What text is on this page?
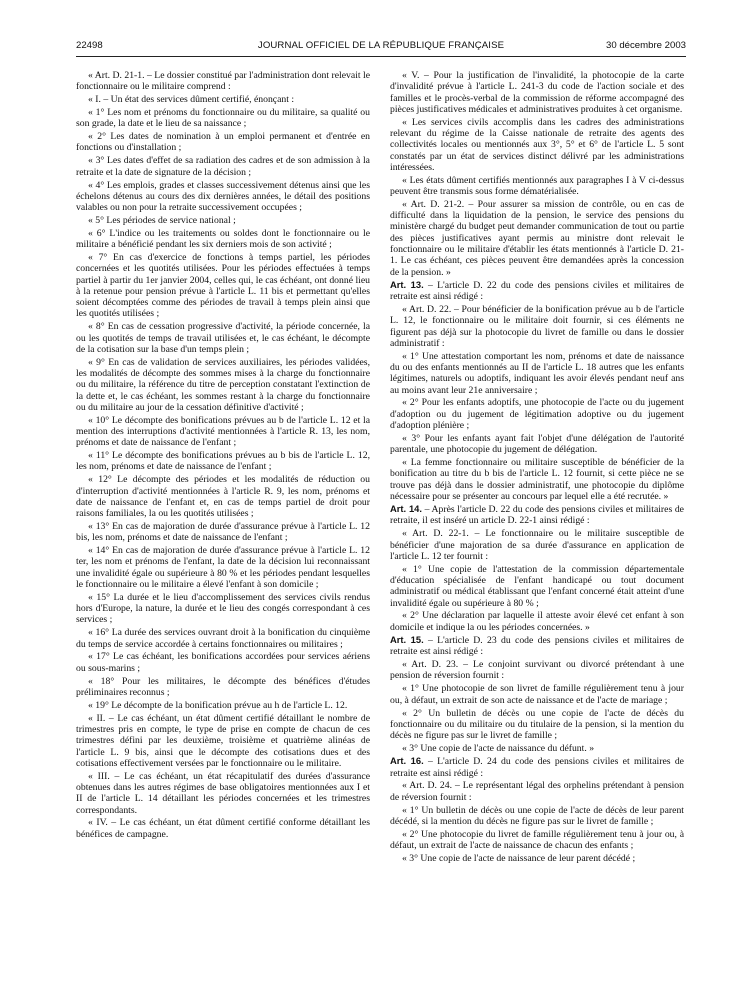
22498	JOURNAL OFFICIEL DE LA RÉPUBLIQUE FRANÇAISE	30 décembre 2003

« Art. D. 21-1. – Le dossier constitué par l'administration dont relevait le fonctionnaire ou le militaire comprend :

« I. – Un état des services dûment certifié, énonçant :

« 1° Les nom et prénoms du fonctionnaire ou du militaire, sa qualité ou son grade, la date et le lieu de sa naissance ;

« 2° Les dates de nomination à un emploi permanent et d'entrée en fonctions ou d'installation ;

« 3° Les dates d'effet de sa radiation des cadres et de son admission à la retraite et la date de signature de la décision ;

« 4° Les emplois, grades et classes successivement détenus ainsi que les échelons détenus au cours des dix dernières années, le détail des positions valables ou non pour la retraite successivement occupées ;

« 5° Les périodes de service national ;

« 6° L'indice ou les traitements ou soldes dont le fonctionnaire ou le militaire a bénéficié pendant les six derniers mois de son activité ;

« 7° En cas d'exercice de fonctions à temps partiel, les périodes concernées et les quotités utilisées. Pour les périodes effectuées à temps partiel à partir du 1er janvier 2004, celles qui, le cas échéant, ont donné lieu à la retenue pour pension prévue à l'article L. 11 bis et permettant qu'elles soient décomptées comme des périodes de travail à temps plein ainsi que les quotités utilisées ;

« 8° En cas de cessation progressive d'activité, la période concernée, la ou les quotités de temps de travail utilisées et, le cas échéant, le décompte de la cotisation sur la base d'un temps plein ;

« 9° En cas de validation de services auxiliaires, les périodes validées, les modalités de décompte des sommes mises à la charge du fonctionnaire ou du militaire, la référence du titre de perception constatant l'extinction de la dette et, le cas échéant, les sommes restant à la charge du fonctionnaire ou du militaire au jour de la cessation définitive d'activité ;

« 10° Le décompte des bonifications prévues au b de l'article L. 12 et la mention des interruptions d'activité mentionnées à l'article R. 13, les nom, prénoms et date de naissance de l'enfant ;

« 11° Le décompte des bonifications prévues au b bis de l'article L. 12, les nom, prénoms et date de naissance de l'enfant ;

« 12° Le décompte des périodes et les modalités de réduction ou d'interruption d'activité mentionnées à l'article R. 9, les nom, prénoms et date de naissance de l'enfant et, en cas de temps partiel de droit pour raisons familiales, la ou les quotités utilisées ;

« 13° En cas de majoration de durée d'assurance prévue à l'article L. 12 bis, les nom, prénoms et date de naissance de l'enfant ;

« 14° En cas de majoration de durée d'assurance prévue à l'article L. 12 ter, les nom et prénoms de l'enfant, la date de la décision lui reconnaissant une invalidité égale ou supérieure à 80 % et les périodes pendant lesquelles le fonctionnaire ou le militaire a élevé l'enfant à son domicile ;

« 15° La durée et le lieu d'accomplissement des services civils rendus hors d'Europe, la nature, la durée et le lieu des congés correspondant à ces services ;

« 16° La durée des services ouvrant droit à la bonification du cinquième du temps de service accordée à certains fonctionnaires ou militaires ;

« 17° Le cas échéant, les bonifications accordées pour services aériens ou sous-marins ;

« 18° Pour les militaires, le décompte des bénéfices d'études préliminaires reconnus ;

« 19° Le décompte de la bonification prévue au h de l'article L. 12.

« II. – Le cas échéant, un état dûment certifié détaillant le nombre de trimestres pris en compte, le type de prise en compte de chacun de ces trimestres défini par les deuxième, troisième et quatrième alinéas de l'article L. 9 bis, ainsi que le décompte des cotisations dues et des cotisations effectivement versées par le fonctionnaire ou le militaire.

« III. – Le cas échéant, un état récapitulatif des durées d'assurance obtenues dans les autres régimes de base obligatoires mentionnées aux I et II de l'article L. 14 détaillant les périodes concernées et les trimestres correspondants.

« IV. – Le cas échéant, un état dûment certifié conforme détaillant les bénéfices de campagne.

« V. – Pour la justification de l'invalidité, la photocopie de la carte d'invalidité prévue à l'article L. 241-3 du code de l'action sociale et des familles et le procès-verbal de la commission de réforme accompagné des pièces justificatives médicales et administratives produites à cet organisme.

« Les services civils accomplis dans les cadres des administrations relevant du régime de la Caisse nationale de retraite des agents des collectivités locales ou mentionnés aux 3°, 5° et 6° de l'article L. 5 sont constatés par un état de services distinct délivré par les administrations intéressées.

« Les états dûment certifiés mentionnés aux paragraphes I à V ci-dessus peuvent être transmis sous forme dématérialisée.

« Art. D. 21-2. – Pour assurer sa mission de contrôle, ou en cas de difficulté dans la liquidation de la pension, le service des pensions du ministère chargé du budget peut demander communication de tout ou partie des pièces justificatives ayant permis au ministre dont relevait le fonctionnaire ou le militaire d'établir les états mentionnés à l'article D. 21-1. Le cas échéant, ces pièces peuvent être demandées après la concession de la pension. »

Art. 13. – L'article D. 22 du code des pensions civiles et militaires de retraite est ainsi rédigé :

« Art. D. 22. – Pour bénéficier de la bonification prévue au b de l'article L. 12, le fonctionnaire ou le militaire doit fournir, si ces éléments ne figurent pas déjà sur la photocopie du livret de famille ou dans le dossier administratif :

« 1° Une attestation comportant les nom, prénoms et date de naissance du ou des enfants mentionnés au II de l'article L. 18 autres que les enfants légitimes, naturels ou adoptifs, indiquant les avoir élevés pendant neuf ans au moins avant leur 21e anniversaire ;

« 2° Pour les enfants adoptifs, une photocopie de l'acte ou du jugement d'adoption ou du jugement de légitimation adoptive ou du jugement d'adoption plénière ;

« 3° Pour les enfants ayant fait l'objet d'une délégation de l'autorité parentale, une photocopie du jugement de délégation.

« La femme fonctionnaire ou militaire susceptible de bénéficier de la bonification au titre du b bis de l'article L. 12 fournit, si cette pièce ne se trouve pas déjà dans le dossier administratif, une photocopie du diplôme nécessaire pour se présenter au concours par lequel elle a été recrutée. »

Art. 14. – Après l'article D. 22 du code des pensions civiles et militaires de retraite, il est inséré un article D. 22-1 ainsi rédigé :

« Art. D. 22-1. – Le fonctionnaire ou le militaire susceptible de bénéficier d'une majoration de sa durée d'assurance en application de l'article L. 12 ter fournit :

« 1° Une copie de l'attestation de la commission départementale d'éducation spécialisée de l'enfant handicapé ou tout document administratif ou médical établissant que l'enfant concerné était atteint d'une invalidité égale ou supérieure à 80 % ;

« 2° Une déclaration par laquelle il atteste avoir élevé cet enfant à son domicile et indique la ou les périodes concernées. »

Art. 15. – L'article D. 23 du code des pensions civiles et militaires de retraite est ainsi rédigé :

« Art. D. 23. – Le conjoint survivant ou divorcé prétendant à une pension de réversion fournit :

« 1° Une photocopie de son livret de famille régulièrement tenu à jour ou, à défaut, un extrait de son acte de naissance et de l'acte de mariage ;

« 2° Un bulletin de décès ou une copie de l'acte de décès du fonctionnaire ou du militaire ou du titulaire de la pension, si la mention du décès ne figure pas sur le livret de famille ;

« 3° Une copie de l'acte de naissance du défunt. »

Art. 16. – L'article D. 24 du code des pensions civiles et militaires de retraite est ainsi rédigé :

« Art. D. 24. – Le représentant légal des orphelins prétendant à pension de réversion fournit :

« 1° Un bulletin de décès ou une copie de l'acte de décès de leur parent décédé, si la mention du décès ne figure pas sur le livret de famille ;

« 2° Une photocopie du livret de famille régulièrement tenu à jour ou, à défaut, un extrait de l'acte de naissance de chacun des enfants ;

« 3° Une copie de l'acte de naissance de leur parent décédé ;
